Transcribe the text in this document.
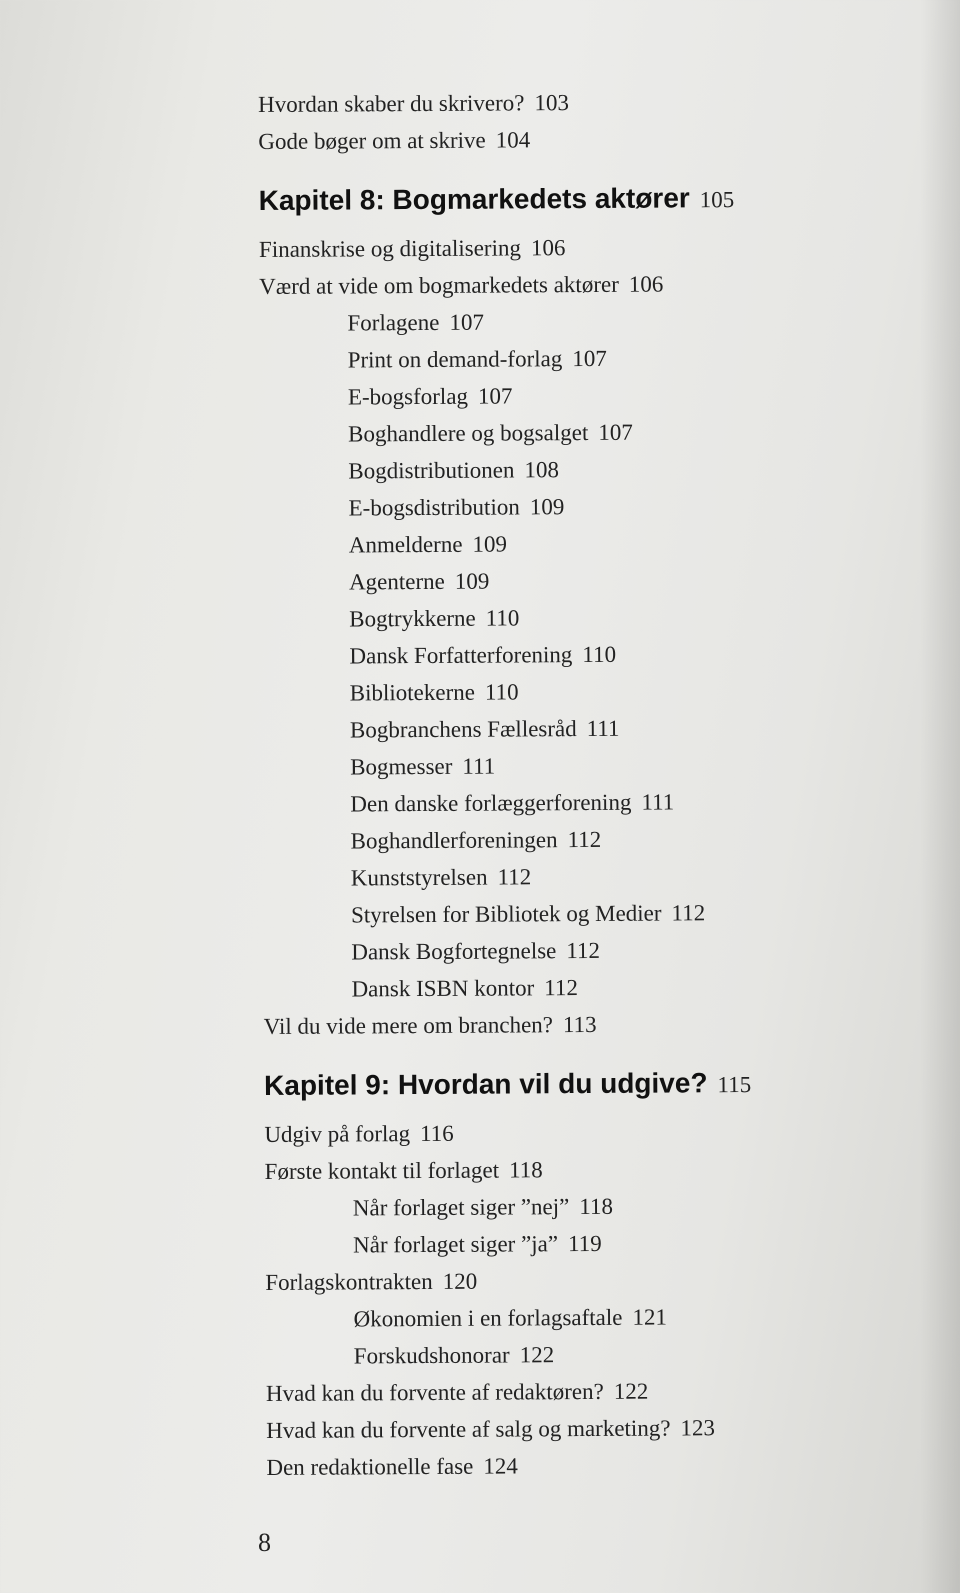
Hvordan skaber du skrivero? 103
Gode bøger om at skrive 104
Kapitel 8: Bogmarkedets aktører 105
Finanskrise og digitalisering 106
Værd at vide om bogmarkedets aktører 106
Forlagene 107
Print on demand-forlag 107
E-bogsforlag 107
Boghandlere og bogsalget 107
Bogdistributionen 108
E-bogsdistribution 109
Anmelderne 109
Agenterne 109
Bogtrykkerne 110
Dansk Forfatterforening 110
Bibliotekerne 110
Bogbranchens Fællesråd 111
Bogmesser 111
Den danske forlæggerforening 111
Boghandlerforeningen 112
Kunststyrelsen 112
Styrelsen for Bibliotek og Medier 112
Dansk Bogfortegnelse 112
Dansk ISBN kontor 112
Vil du vide mere om branchen? 113
Kapitel 9: Hvordan vil du udgive? 115
Udgiv på forlag 116
Første kontakt til forlaget 118
Når forlaget siger ”nej” 118
Når forlaget siger ”ja” 119
Forlagskontrakten 120
Økonomien i en forlagsaftale 121
Forskudshonorar 122
Hvad kan du forvente af redaktøren? 122
Hvad kan du forvente af salg og marketing? 123
Den redaktionelle fase 124
8
